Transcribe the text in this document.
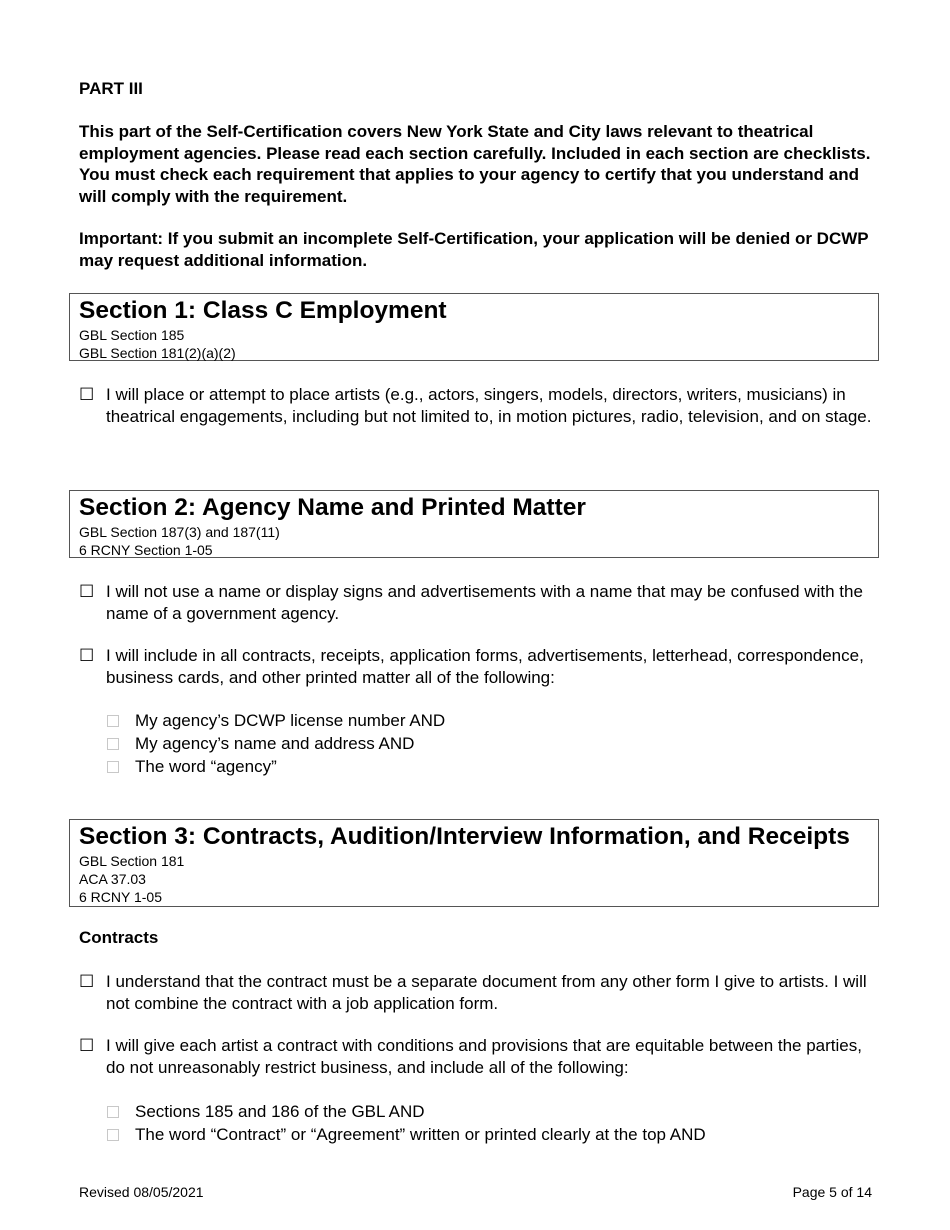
PART III

This part of the Self-Certification covers New York State and City laws relevant to theatrical employment agencies. Please read each section carefully. Included in each section are checklists. You must check each requirement that applies to your agency to certify that you understand and will comply with the requirement.

Important: If you submit an incomplete Self-Certification, your application will be denied or DCWP may request additional information.

Section 1: Class C Employment
GBL Section 185
GBL Section 181(2)(a)(2)
☐ I will place or attempt to place artists (e.g., actors, singers, models, directors, writers, musicians) in theatrical engagements, including but not limited to, in motion pictures, radio, television, and on stage.
Section 2: Agency Name and Printed Matter
GBL Section 187(3) and 187(11)
6 RCNY Section 1-05
☐ I will not use a name or display signs and advertisements with a name that may be confused with the name of a government agency.
☐ I will include in all contracts, receipts, application forms, advertisements, letterhead, correspondence, business cards, and other printed matter all of the following:
My agency’s DCWP license number AND
My agency’s name and address AND
The word “agency”
Section 3: Contracts, Audition/Interview Information, and Receipts
GBL Section 181
ACA 37.03
6 RCNY 1-05
Contracts
☐ I understand that the contract must be a separate document from any other form I give to artists. I will not combine the contract with a job application form.
☐ I will give each artist a contract with conditions and provisions that are equitable between the parties, do not unreasonably restrict business, and include all of the following:
Sections 185 and 186 of the GBL AND
The word “Contract” or “Agreement” written or printed clearly at the top AND
Revised 08/05/2021	Page 5 of 14
